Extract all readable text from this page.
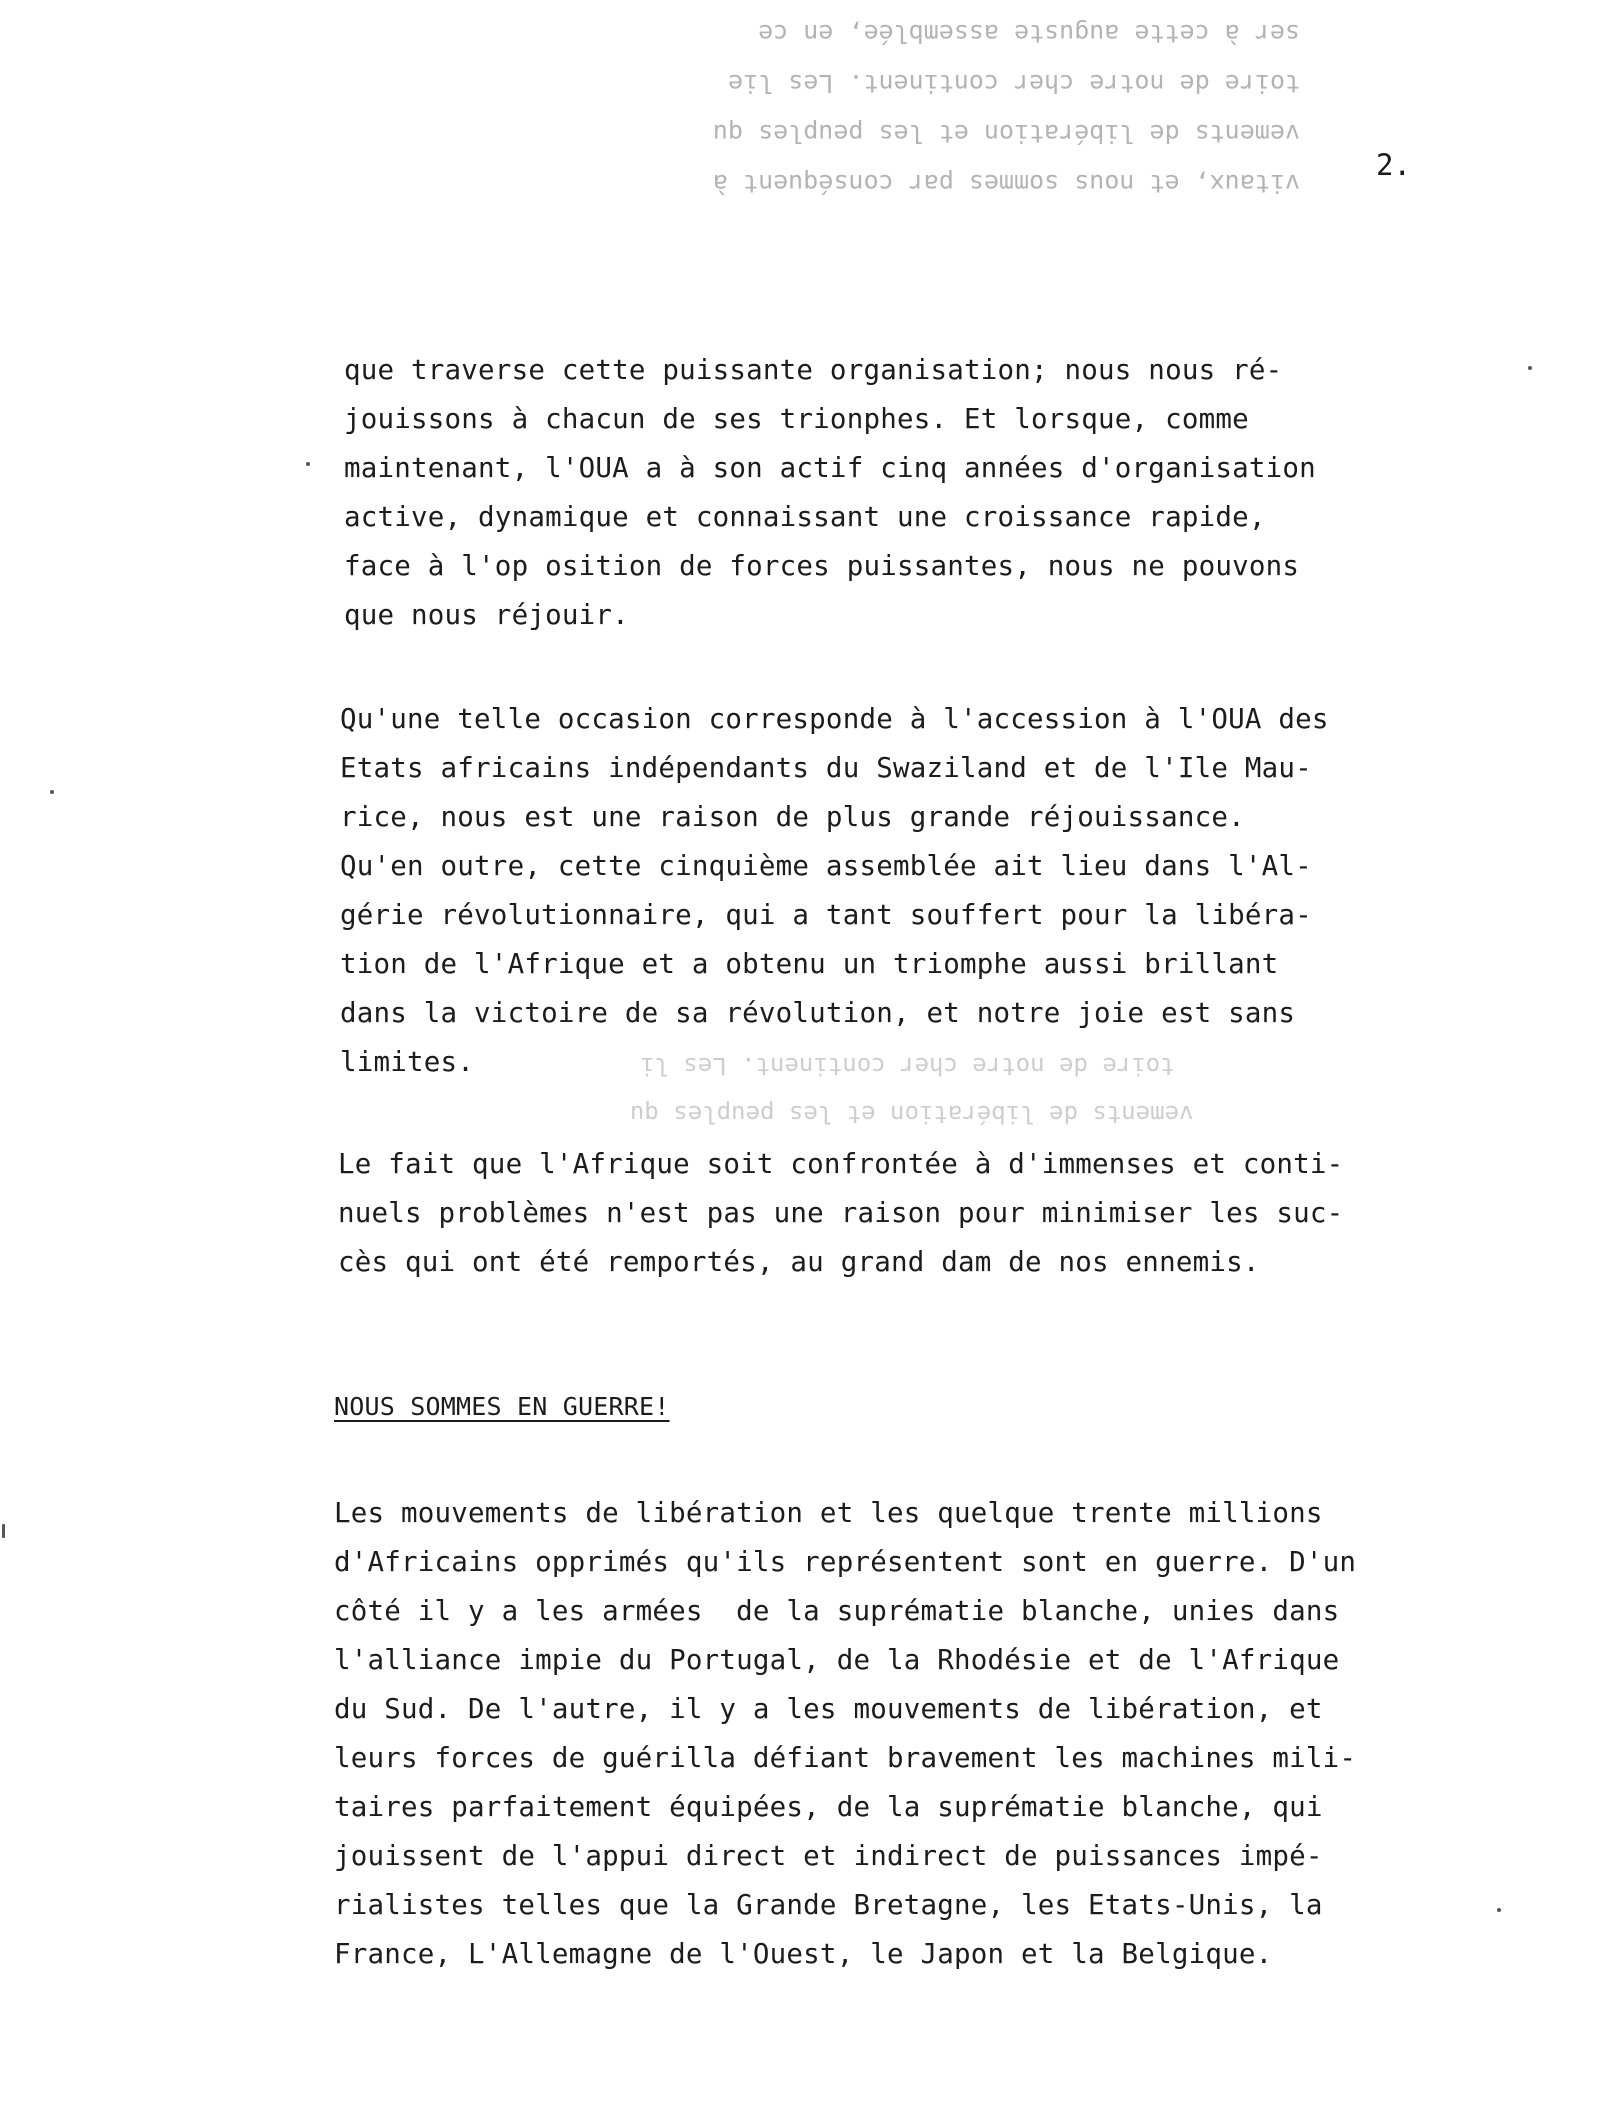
vitaux, et nous sommes par conséquent à
vements de libération et les peuples qu
toire de notre cher continent. Les lie
ser à cette auguste assemblée, en ce
2.
que traverse cette puissante organisation; nous nous ré-
jouissons à chacun de ses trionphes. Et lorsque, comme
maintenant, l'OUA a à son actif cinq années d'organisation
active, dynamique et connaissant une croissance rapide,
face à l'op osition de forces puissantes, nous ne pouvons
que nous réjouir.
Qu'une telle occasion corresponde à l'accession à l'OUA des
Etats africains indépendants du Swaziland et de l'Ile Mau-
rice, nous est une raison de plus grande réjouissance.
Qu'en outre, cette cinquième assemblée ait lieu dans l'Al-
gérie révolutionnaire, qui a tant souffert pour la libéra-
tion de l'Afrique et a obtenu un triomphe aussi brillant
dans la victoire de sa révolution, et notre joie est sans
limites.	toire de notre cher continent. Les li
vements de libération et les peuples qu
Le fait que l'Afrique soit confrontée à d'immenses et conti-
nuels problèmes n'est pas une raison pour minimiser les suc-
cès qui ont été remportés, au grand dam de nos ennemis.
NOUS SOMMES EN GUERRE!
Les mouvements de libération et les quelque trente millions
d'Africains opprimés qu'ils représentent sont en guerre. D'un
côté il y a les armées  de la suprématie blanche, unies dans
l'alliance impie du Portugal, de la Rhodésie et de l'Afrique
du Sud. De l'autre, il y a les mouvements de libération, et
leurs forces de guérilla défiant bravement les machines mili-
taires parfaitement équipées, de la suprématie blanche, qui
jouissent de l'appui direct et indirect de puissances impé-
rialistes telles que la Grande Bretagne, les Etats-Unis, la
France, L'Allemagne de l'Ouest, le Japon et la Belgique.
